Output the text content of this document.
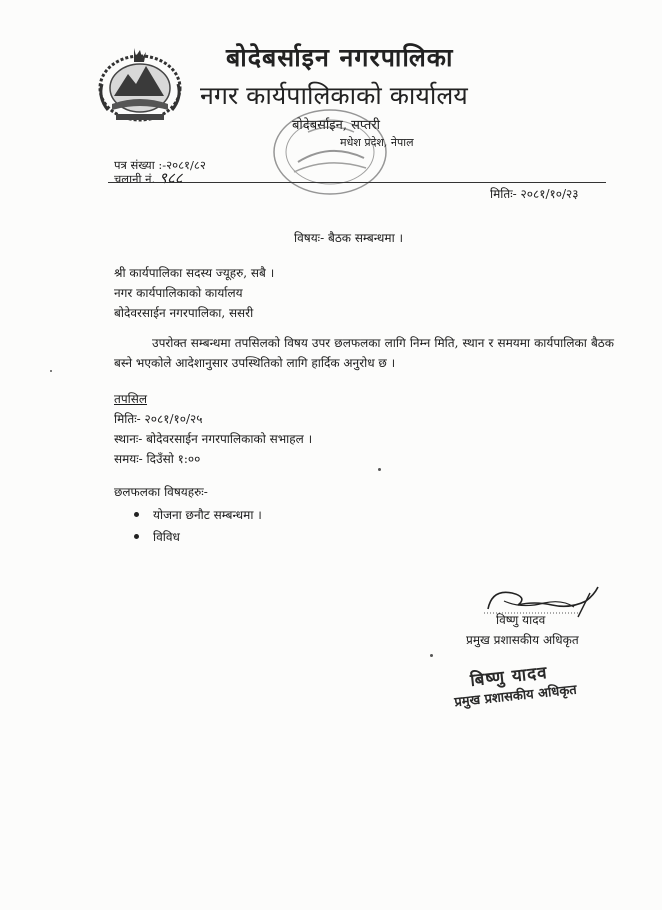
बोदेबर्साइन नगरपालिका
नगर कार्यपालिकाको कार्यालय
बोदेबर्साइन, सप्तरी
मधेश प्रदेश, नेपाल
पत्र संख्या :-२०८१/८२
चलानी नं. ९८८
मितिः- २०८१/१०/२३
विषयः- बैठक सम्बन्धमा ।
श्री कार्यपालिका सदस्य ज्यूहरु, सबै ।
नगर कार्यपालिकाको कार्यालय
बोदेवरसाईन नगरपालिका, ससरी

उपरोक्त सम्बन्धमा तपसिलको विषय उपर छलफलका लागि निम्न मिति, स्थान र समयमा कार्यपालिका बैठक बस्ने भएकोले आदेशानुसार उपस्थितिको लागि हार्दिक अनुरोध छ ।

तपसिल
मितिः- २०८१/१०/२५
स्थानः- बोदेवरसाईन नगरपालिकाको सभाहल ।
समयः- दिउँसो १:००
छलफलका विषयहरुः-
योजना छनौट सम्बन्धमा ।
विविध
विष्णु यादव
प्रमुख प्रशासकीय अधिकृत
बिष्णु यादव
प्रमुख प्रशासकीय अधिकृत
